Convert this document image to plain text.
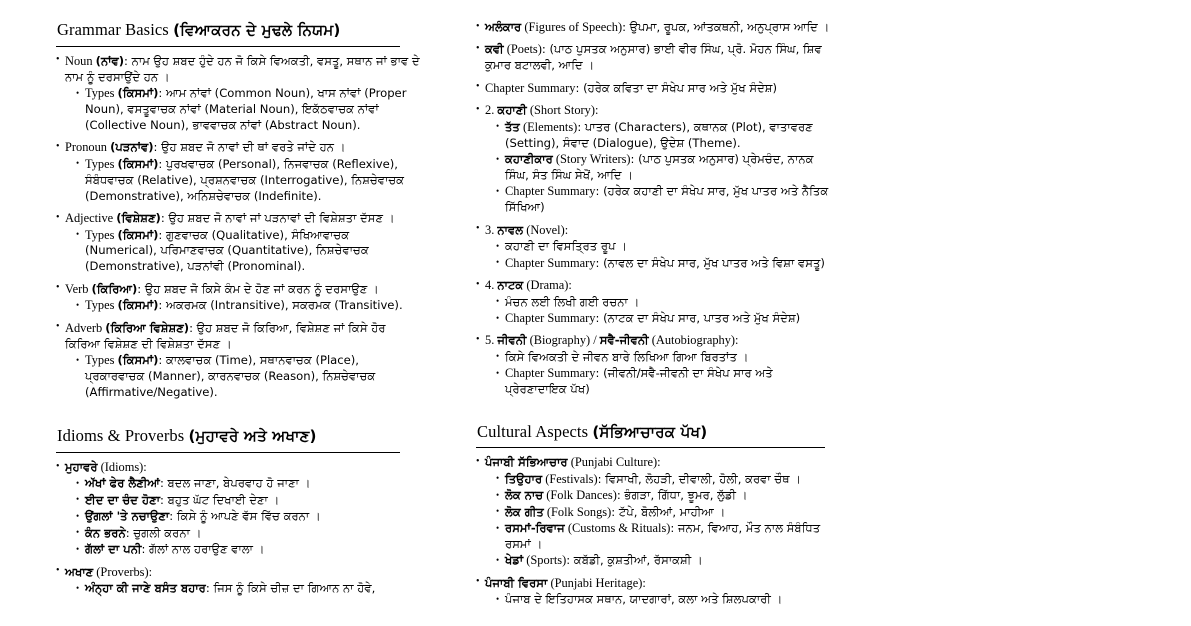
Grammar Basics (ਵਿਆਕਰਨ ਦੇ ਮੁਢਲੇ ਨਿਯਮ)
• Noun (ਨਾਂਵ): ਨਾਮ ਉਹ ਸ਼ਬਦ ਹੁੰਦੇ ਹਨ ਜੋ ਕਿਸੇ ਵਿਅਕਤੀ, ਵਸਤੂ, ਸਥਾਨ ਜਾਂ ਭਾਵ ਦੇ ਨਾਮ ਨੂੰ ਦਰਸਾਉਂਦੇ ਹਨ ।
• Types (ਕਿਸਮਾਂ): ਆਮ ਨਾਂਵਾਂ (Common Noun), ਖਾਸ ਨਾਂਵਾਂ (Proper Noun), ਵਸਤੂਵਾਚਕ ਨਾਂਵਾਂ (Material Noun), ਇਕੱਠਵਾਚਕ ਨਾਂਵਾਂ (Collective Noun), ਭਾਵਵਾਚਕ ਨਾਂਵਾਂ (Abstract Noun).
• Pronoun (ਪੜਨਾਂਵ): ਉਹ ਸ਼ਬਦ ਜੋ ਨਾਵਾਂ ਦੀ ਥਾਂ ਵਰਤੇ ਜਾਂਦੇ ਹਨ ।
• Types (ਕਿਸਮਾਂ): ਪੁਰਖਵਾਚਕ (Personal), ਨਿਜਵਾਚਕ (Reflexive), ਸੰਬੰਧਵਾਚਕ (Relative), ਪ੍ਰਸ਼ਨਵਾਚਕ (Interrogative), ਨਿਸ਼ਚੇਵਾਚਕ (Demonstrative), ਅਨਿਸ਼ਚੇਵਾਚਕ (Indefinite).
• Adjective (ਵਿਸ਼ੇਸ਼ਣ): ਉਹ ਸ਼ਬਦ ਜੋ ਨਾਵਾਂ ਜਾਂ ਪੜਨਾਵਾਂ ਦੀ ਵਿਸ਼ੇਸ਼ਤਾ ਦੱਸਣ ।
• Types (ਕਿਸਮਾਂ): ਗੁਣਵਾਚਕ (Qualitative), ਸੰਖਿਆਵਾਚਕ (Numerical), ਪਰਿਮਾਣਵਾਚਕ (Quantitative), ਨਿਸ਼ਚੇਵਾਚਕ (Demonstrative), ਪੜਨਾਂਵੀ (Pronominal).
• Verb (ਕਿਰਿਆ): ਉਹ ਸ਼ਬਦ ਜੋ ਕਿਸੇ ਕੰਮ ਦੇ ਹੋਣ ਜਾਂ ਕਰਨ ਨੂੰ ਦਰਸਾਉਣ ।
• Types (ਕਿਸਮਾਂ): ਅਕਰਮਕ (Intransitive), ਸਕਰਮਕ (Transitive).
• Adverb (ਕਿਰਿਆ ਵਿਸ਼ੇਸ਼ਣ): ਉਹ ਸ਼ਬਦ ਜੋ ਕਿਰਿਆ, ਵਿਸ਼ੇਸ਼ਣ ਜਾਂ ਕਿਸੇ ਹੋਰ ਕਿਰਿਆ ਵਿਸ਼ੇਸ਼ਣ ਦੀ ਵਿਸ਼ੇਸ਼ਤਾ ਦੱਸਣ ।
• Types (ਕਿਸਮਾਂ): ਕਾਲਵਾਚਕ (Time), ਸਥਾਨਵਾਚਕ (Place), ਪ੍ਰਕਾਰਵਾਚਕ (Manner), ਕਾਰਨਵਾਚਕ (Reason), ਨਿਸ਼ਚੇਵਾਚਕ (Affirmative/Negative).
Idioms & Proverbs (ਮੁਹਾਵਰੇ ਅਤੇ ਅਖਾਣ)
• ਮੁਹਾਵਰੇ (Idioms):
• ਅੱਖਾਂ ਫੇਰ ਲੈਣੀਆਂ: ਬਦਲ ਜਾਣਾ, ਬੇਪਰਵਾਹ ਹੋ ਜਾਣਾ ।
• ਈਦ ਦਾ ਚੰਦ ਹੋਣਾ: ਬਹੁਤ ਘੱਟ ਦਿਖਾਈ ਦੇਣਾ ।
• ਉਂਗਲਾਂ 'ਤੇ ਨਚਾਉਣਾ: ਕਿਸੇ ਨੂੰ ਆਪਣੇ ਵੱਸ ਵਿੱਚ ਕਰਨਾ ।
• ਕੰਨ ਭਰਨੇ: ਚੁਗਲੀ ਕਰਨਾ ।
• ਗੱਲਾਂ ਦਾ ਪਨੀ: ਗੱਲਾਂ ਨਾਲ ਹਰਾਉਣ ਵਾਲਾ ।
• ਅਖਾਣ (Proverbs):
• ਅੰਨ੍ਹਾ ਕੀ ਜਾਣੇ ਬਸੰਤ ਬਹਾਰ: ਜਿਸ ਨੂੰ ਕਿਸੇ ਚੀਜ਼ ਦਾ ਗਿਆਨ ਨਾ ਹੋਵੇ,
• ਅਲੰਕਾਰ (Figures of Speech): ਉਪਮਾ, ਰੂਪਕ, ਆਂਤਕਥਨੀ, ਅਨੁਪ੍ਰਾਸ ਆਦਿ ।
• ਕਵੀ (Poets): (ਪਾਠ ਪੁਸਤਕ ਅਨੁਸਾਰ) ਭਾਈ ਵੀਰ ਸਿੰਘ, ਪ੍ਰੋ. ਮੋਹਨ ਸਿੰਘ, ਸ਼ਿਵ ਕੁਮਾਰ ਬਟਾਲਵੀ, ਆਦਿ ।
• Chapter Summary: (ਹਰੇਕ ਕਵਿਤਾ ਦਾ ਸੰਖੇਪ ਸਾਰ ਅਤੇ ਮੁੱਖ ਸੰਦੇਸ਼)
• 2. ਕਹਾਣੀ (Short Story):
• ਤੱਤ (Elements): ਪਾਤਰ (Characters), ਕਥਾਨਕ (Plot), ਵਾਤਾਵਰਣ (Setting), ਸੰਵਾਦ (Dialogue), ਉਦੇਸ਼ (Theme).
• ਕਹਾਣੀਕਾਰ (Story Writers): (ਪਾਠ ਪੁਸਤਕ ਅਨੁਸਾਰ) ਪ੍ਰੇਮਚੰਦ, ਨਾਨਕ ਸਿੰਘ, ਸੰਤ ਸਿੰਘ ਸੇਖੋਂ, ਆਦਿ ।
• Chapter Summary: (ਹਰੇਕ ਕਹਾਣੀ ਦਾ ਸੰਖੇਪ ਸਾਰ, ਮੁੱਖ ਪਾਤਰ ਅਤੇ ਨੈਤਿਕ ਸਿੱਖਿਆ)
• 3. ਨਾਵਲ (Novel):
• ਕਹਾਣੀ ਦਾ ਵਿਸਤ੍ਰਿਤ ਰੂਪ ।
• Chapter Summary: (ਨਾਵਲ ਦਾ ਸੰਖੇਪ ਸਾਰ, ਮੁੱਖ ਪਾਤਰ ਅਤੇ ਵਿਸ਼ਾ ਵਸਤੂ)
• 4. ਨਾਟਕ (Drama):
• ਮੰਚਨ ਲਈ ਲਿਖੀ ਗਈ ਰਚਨਾ ।
• Chapter Summary: (ਨਾਟਕ ਦਾ ਸੰਖੇਪ ਸਾਰ, ਪਾਤਰ ਅਤੇ ਮੁੱਖ ਸੰਦੇਸ਼)
• 5. ਜੀਵਨੀ (Biography) / ਸਵੈ-ਜੀਵਨੀ (Autobiography):
• ਕਿਸੇ ਵਿਅਕਤੀ ਦੇ ਜੀਵਨ ਬਾਰੇ ਲਿਖਿਆ ਗਿਆ ਬਿਰਤਾਂਤ ।
• Chapter Summary: (ਜੀਵਨੀ/ਸਵੈ-ਜੀਵਨੀ ਦਾ ਸੰਖੇਪ ਸਾਰ ਅਤੇ ਪ੍ਰੇਰਣਾਦਾਇਕ ਪੱਖ)
Cultural Aspects (ਸੱਭਿਆਚਾਰਕ ਪੱਖ)
• ਪੰਜਾਬੀ ਸੱਭਿਆਚਾਰ (Punjabi Culture):
• ਤਿਉਹਾਰ (Festivals): ਵਿਸਾਖੀ, ਲੋਹੜੀ, ਦੀਵਾਲੀ, ਹੋਲੀ, ਕਰਵਾ ਚੌਥ ।
• ਲੋਕ ਨਾਚ (Folk Dances): ਭੰਗੜਾ, ਗਿੱਧਾ, ਝੂਮਰ, ਲੁੱਡੀ ।
• ਲੋਕ ਗੀਤ (Folk Songs): ਟੱਪੇ, ਬੋਲੀਆਂ, ਮਾਹੀਆ ।
• ਰਸਮਾਂ-ਰਿਵਾਜ (Customs & Rituals): ਜਨਮ, ਵਿਆਹ, ਮੌਤ ਨਾਲ ਸੰਬੰਧਿਤ ਰਸਮਾਂ ।
• ਖੇਡਾਂ (Sports): ਕਬੱਡੀ, ਕੁਸ਼ਤੀਆਂ, ਰੱਸਾਕਸ਼ੀ ।
• ਪੰਜਾਬੀ ਵਿਰਸਾ (Punjabi Heritage):
• ਪੰਜਾਬ ਦੇ ਇਤਿਹਾਸਕ ਸਥਾਨ, ਯਾਦਗਾਰਾਂ, ਕਲਾ ਅਤੇ ਸ਼ਿਲਪਕਾਰੀ ।
